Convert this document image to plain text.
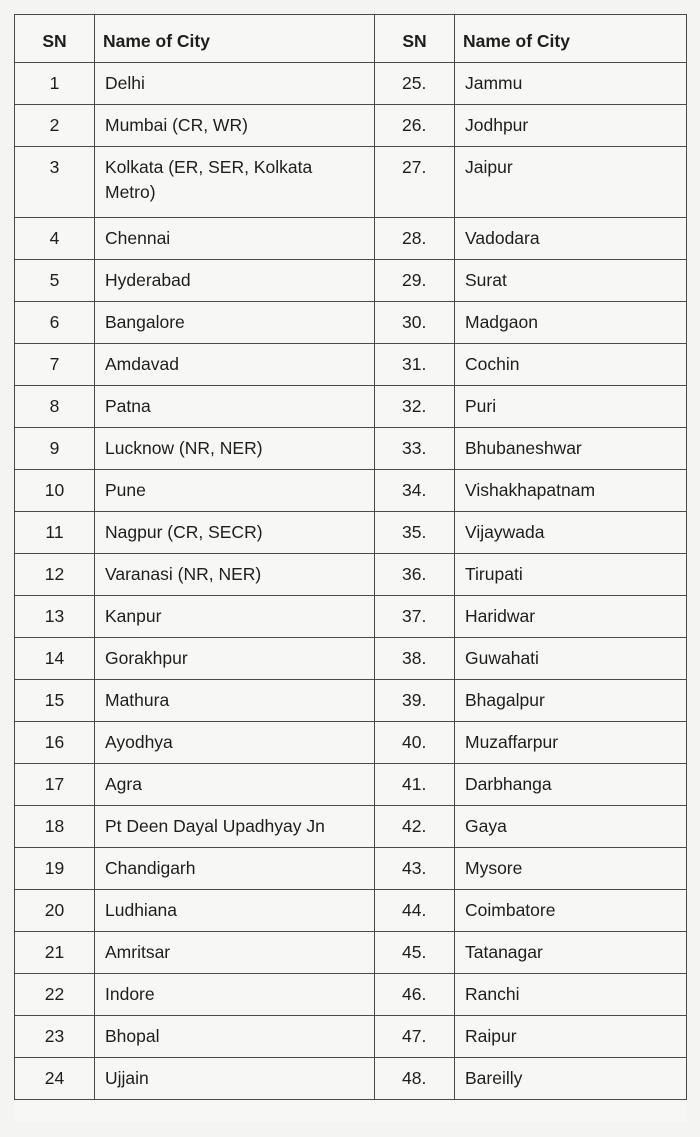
SN	Name of City	SN	Name of City
1	Delhi	25.	Jammu
2	Mumbai (CR, WR)	26.	Jodhpur
3	Kolkata (ER, SER, Kolkata Metro)	27.	Jaipur
4	Chennai	28.	Vadodara
5	Hyderabad	29.	Surat
6	Bangalore	30.	Madgaon
7	Amdavad	31.	Cochin
8	Patna	32.	Puri
9	Lucknow (NR, NER)	33.	Bhubaneshwar
10	Pune	34.	Vishakhapatnam
11	Nagpur (CR, SECR)	35.	Vijaywada
12	Varanasi (NR, NER)	36.	Tirupati
13	Kanpur	37.	Haridwar
14	Gorakhpur	38.	Guwahati
15	Mathura	39.	Bhagalpur
16	Ayodhya	40.	Muzaffarpur
17	Agra	41.	Darbhanga
18	Pt Deen Dayal Upadhyay Jn	42.	Gaya
19	Chandigarh	43.	Mysore
20	Ludhiana	44.	Coimbatore
21	Amritsar	45.	Tatanagar
22	Indore	46.	Ranchi
23	Bhopal	47.	Raipur
24	Ujjain	48.	Bareilly
